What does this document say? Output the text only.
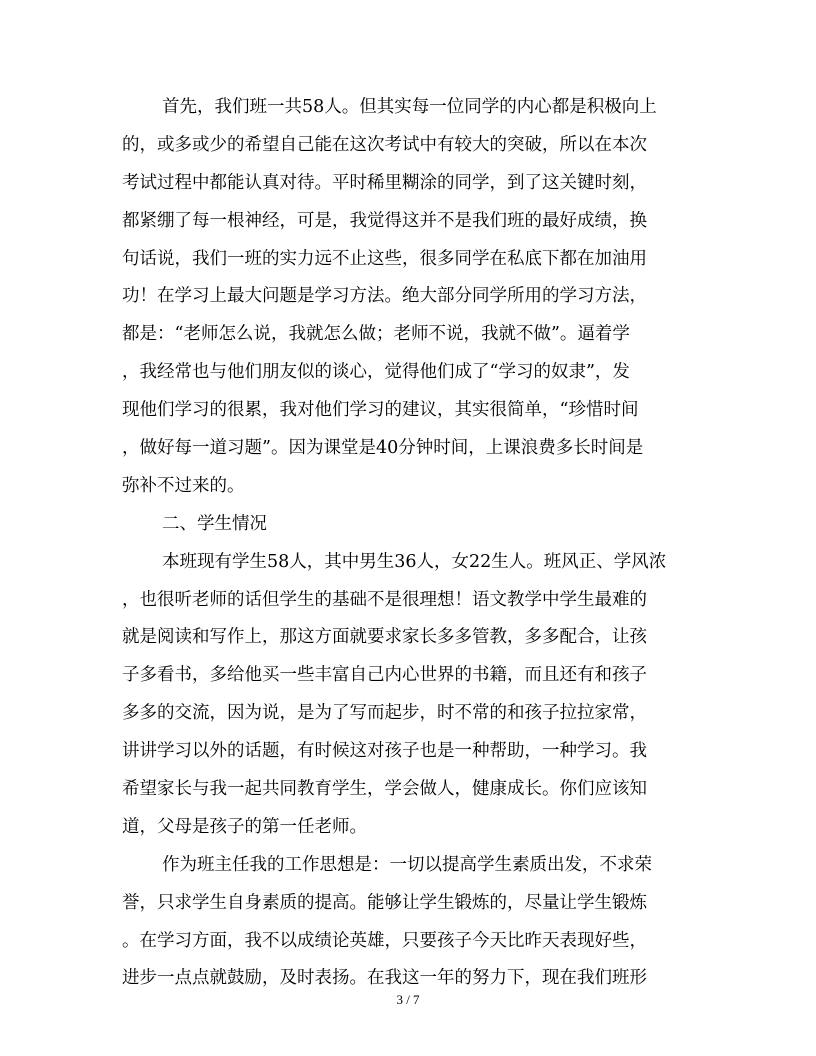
首先，我们班一共58人。但其实每一位同学的内心都是积极向上
的，或多或少的希望自己能在这次考试中有较大的突破，所以在本次
考试过程中都能认真对待。平时稀里糊涂的同学，到了这关键时刻，
都紧绷了每一根神经，可是，我觉得这并不是我们班的最好成绩，换
句话说，我们一班的实力远不止这些，很多同学在私底下都在加油用
功！在学习上最大问题是学习方法。绝大部分同学所用的学习方法，
都是：“老师怎么说，我就怎么做；老师不说，我就不做”。逼着学
，我经常也与他们朋友似的谈心，觉得他们成了“学习的奴隶”，发
现他们学习的很累，我对他们学习的建议，其实很简单，“珍惜时间
，做好每一道习题”。因为课堂是40分钟时间，上课浪费多长时间是
弥补不过来的。
二、学生情况
本班现有学生58人，其中男生36人，女22生人。班风正、学风浓
，也很听老师的话但学生的基础不是很理想！语文教学中学生最难的
就是阅读和写作上，那这方面就要求家长多多管教，多多配合，让孩
子多看书，多给他买一些丰富自己内心世界的书籍，而且还有和孩子
多多的交流，因为说，是为了写而起步，时不常的和孩子拉拉家常，
讲讲学习以外的话题，有时候这对孩子也是一种帮助，一种学习。我
希望家长与我一起共同教育学生，学会做人，健康成长。你们应该知
道，父母是孩子的第一任老师。
作为班主任我的工作思想是：一切以提高学生素质出发，不求荣
誉，只求学生自身素质的提高。能够让学生锻炼的，尽量让学生锻炼
。在学习方面，我不以成绩论英雄，只要孩子今天比昨天表现好些，
进步一点点就鼓励，及时表扬。在我这一年的努力下，现在我们班形
3 / 7
